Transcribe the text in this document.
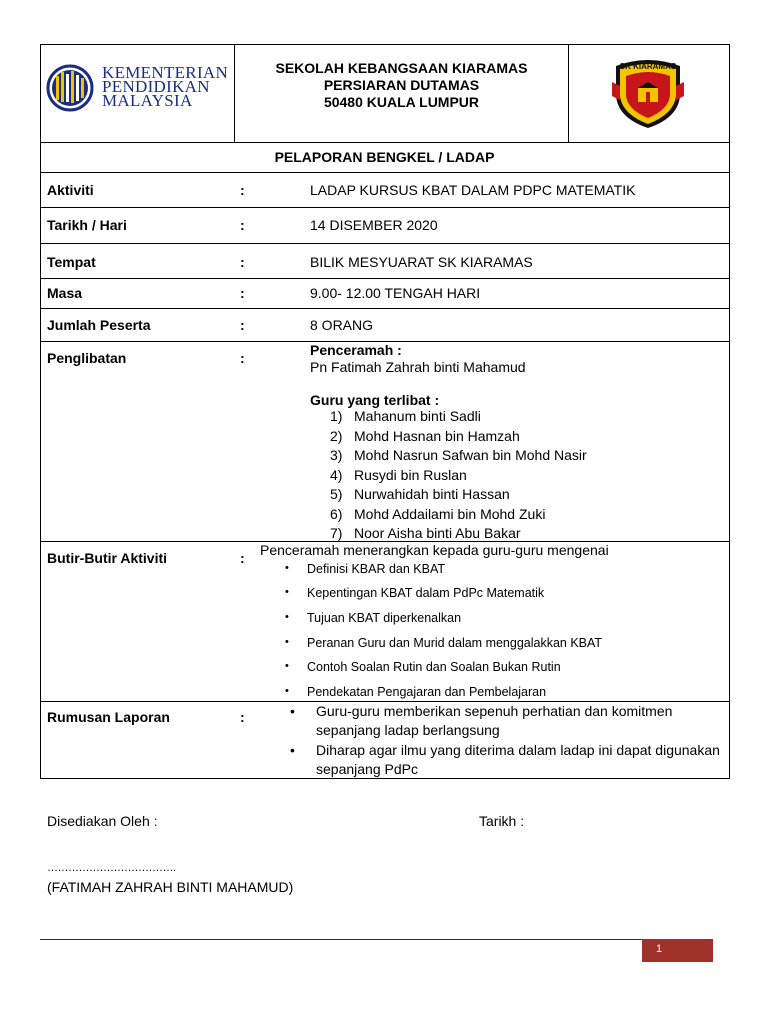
KEMENTERIAN
PENDIDIKAN
MALAYSIA
SEKOLAH KEBANGSAAN KIARAMAS
PERSIARAN DUTAMAS
50480 KUALA LUMPUR
SK KIARAMAS
PELAPORAN BENGKEL / LADAP
Aktiviti	:	LADAP KURSUS KBAT DALAM PDPC MATEMATIK
Tarikh / Hari	:	14 DISEMBER 2020
Tempat	:	BILIK MESYUARAT SK KIARAMAS
Masa	:	9.00- 12.00 TENGAH HARI
Jumlah Peserta	:	8 ORANG
Penglibatan	:	Penceramah :
Pn Fatimah Zahrah binti Mahamud
Guru yang terlibat :
1) Mahanum binti Sadli
2) Mohd Hasnan bin Hamzah
3) Mohd Nasrun Safwan bin Mohd Nasir
4) Rusydi bin Ruslan
5) Nurwahidah binti Hassan
6) Mohd Addailami bin Mohd Zuki
7) Noor Aisha binti Abu Bakar
Butir-Butir Aktiviti	: Penceramah menerangkan kepada guru-guru mengenai
• Definisi KBAR dan KBAT
• Kepentingan KBAT dalam PdPc Matematik
• Tujuan KBAT diperkenalkan
• Peranan Guru dan Murid dalam menggalakkan KBAT
• Contoh Soalan Rutin dan Soalan Bukan Rutin
• Pendekatan Pengajaran dan Pembelajaran
Rumusan Laporan	:	• Guru-guru memberikan sepenuh perhatian dan komitmen sepanjang ladap berlangsung
• Diharap agar ilmu yang diterima dalam ladap ini dapat digunakan sepanjang PdPc
Disediakan Oleh :	Tarikh :
……………………………….
(FATIMAH ZAHRAH BINTI MAHAMUD)
1
